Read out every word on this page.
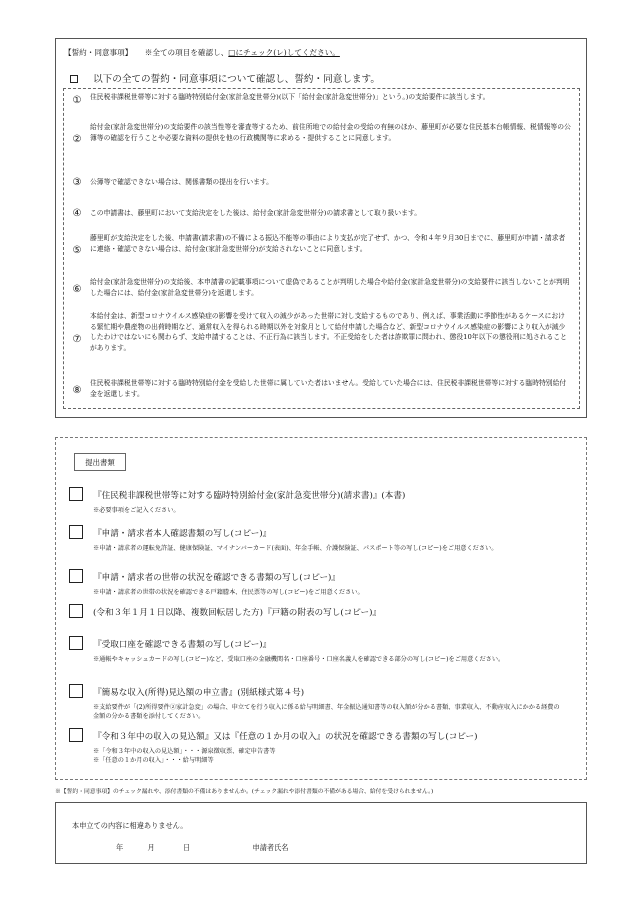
【誓約・同意事項】 ※全ての項目を確認し、□にチェック(レ)してください。
以下の全ての誓約・同意事項について確認し、誓約・同意します。
①	住民税非課税世帯等に対する臨時特別給付金(家計急変世帯分)(以下「給付金(家計急変世帯分)」という。)の支給要件に該当します。
②
給付金(家計急変世帯分)の支給要件の該当性等を審査等するため、前住所地での給付金の受給の有無のほか、藤里町が必要な住民基本台帳情報、税情報等の公簿等の確認を行うことや必要な資料の提供を他の行政機関等に求める・提供することに同意します。
③	公簿等で確認できない場合は、関係書類の提出を行います。
④	この申請書は、藤里町において支給決定をした後は、給付金(家計急変世帯分)の請求書として取り扱います。
⑤
藤里町が支給決定をした後、申請書(請求書)の不備による振込不能等の事由により支払が完了せず、かつ、令和４年９月30日までに、藤里町が申請・請求者に連絡・確認できない場合は、給付金(家計急変世帯分)が支給されないことに同意します。
⑥
給付金(家計急変世帯分)の支給後、本申請書の記載事項について虚偽であることが判明した場合や給付金(家計急変世帯分)の支給要件に該当しないことが判明した場合には、給付金(家計急変世帯分)を返還します。
⑦
本給付金は、新型コロナウイルス感染症の影響を受けて収入の減少があった世帯に対し支給するものであり、例えば、事業活動に季節性があるケースにおける繁忙期や農産物の出荷時期など、通常収入を得られる時期以外を対象月として給付申請した場合など、新型コロナウイルス感染症の影響により収入が減少したわけではないにも関わらず、支給申請することは、不正行為に該当します。不正受給をした者は詐欺罪に問われ、懲役10年以下の懲役刑に処されることがあります。
⑧
住民税非課税世帯等に対する臨時特別給付金を受給した世帯に属していた者はいません。受給していた場合には、住民税非課税世帯等に対する臨時特別給付金を返還します。
提出書類
『住民税非課税世帯等に対する臨時特別給付金(家計急変世帯分)(請求書)』(本書)
※必要事項をご記入ください。
『申請・請求者本人確認書類の写し(コピー)』
※申請・請求者の運転免許証、健康保険証、マイナンバーカード(表面)、年金手帳、介護保険証、パスポート等の写し(コピー)をご用意ください。
『申請・請求者の世帯の状況を確認できる書類の写し(コピー)』
※申請・請求者の世帯の状況を確認できる戸籍謄本、住民票等の写し(コピー)をご用意ください。
(令和３年１月１日以降、複数回転居した方)『戸籍の附表の写し(コピー)』
『受取口座を確認できる書類の写し(コピー)』
※通帳やキャッシュカードの写し(コピー)など、受取口座の金融機関名・口座番号・口座名義人を確認できる部分の写し(コピー)をご用意ください。
『簡易な収入(所得)見込額の申立書』(別紙様式第４号)
※支給要件が「(2)所得要件②家計急変」の場合、申立てを行う収入に係る給与明細書、年金振込通知書等の収入額が分かる書類、事業収入、不動産収入にかかる経費の金額の分かる書類を添付してください。
『令和３年中の収入の見込額』又は『任意の１か月の収入』の状況を確認できる書類の写し(コピー)
※「令和３年中の収入の見込額」・・・源泉徴収票、確定申告書等
※「任意の１か月の収入」・・・給与明細等
※【誓約・同意事項】のチェック漏れや、添付書類の不備はありませんか。(チェック漏れや添付書類の不備がある場合、給付を受けられません。)
本申立ての内容に相違ありません。
年	月	日	申請者氏名
